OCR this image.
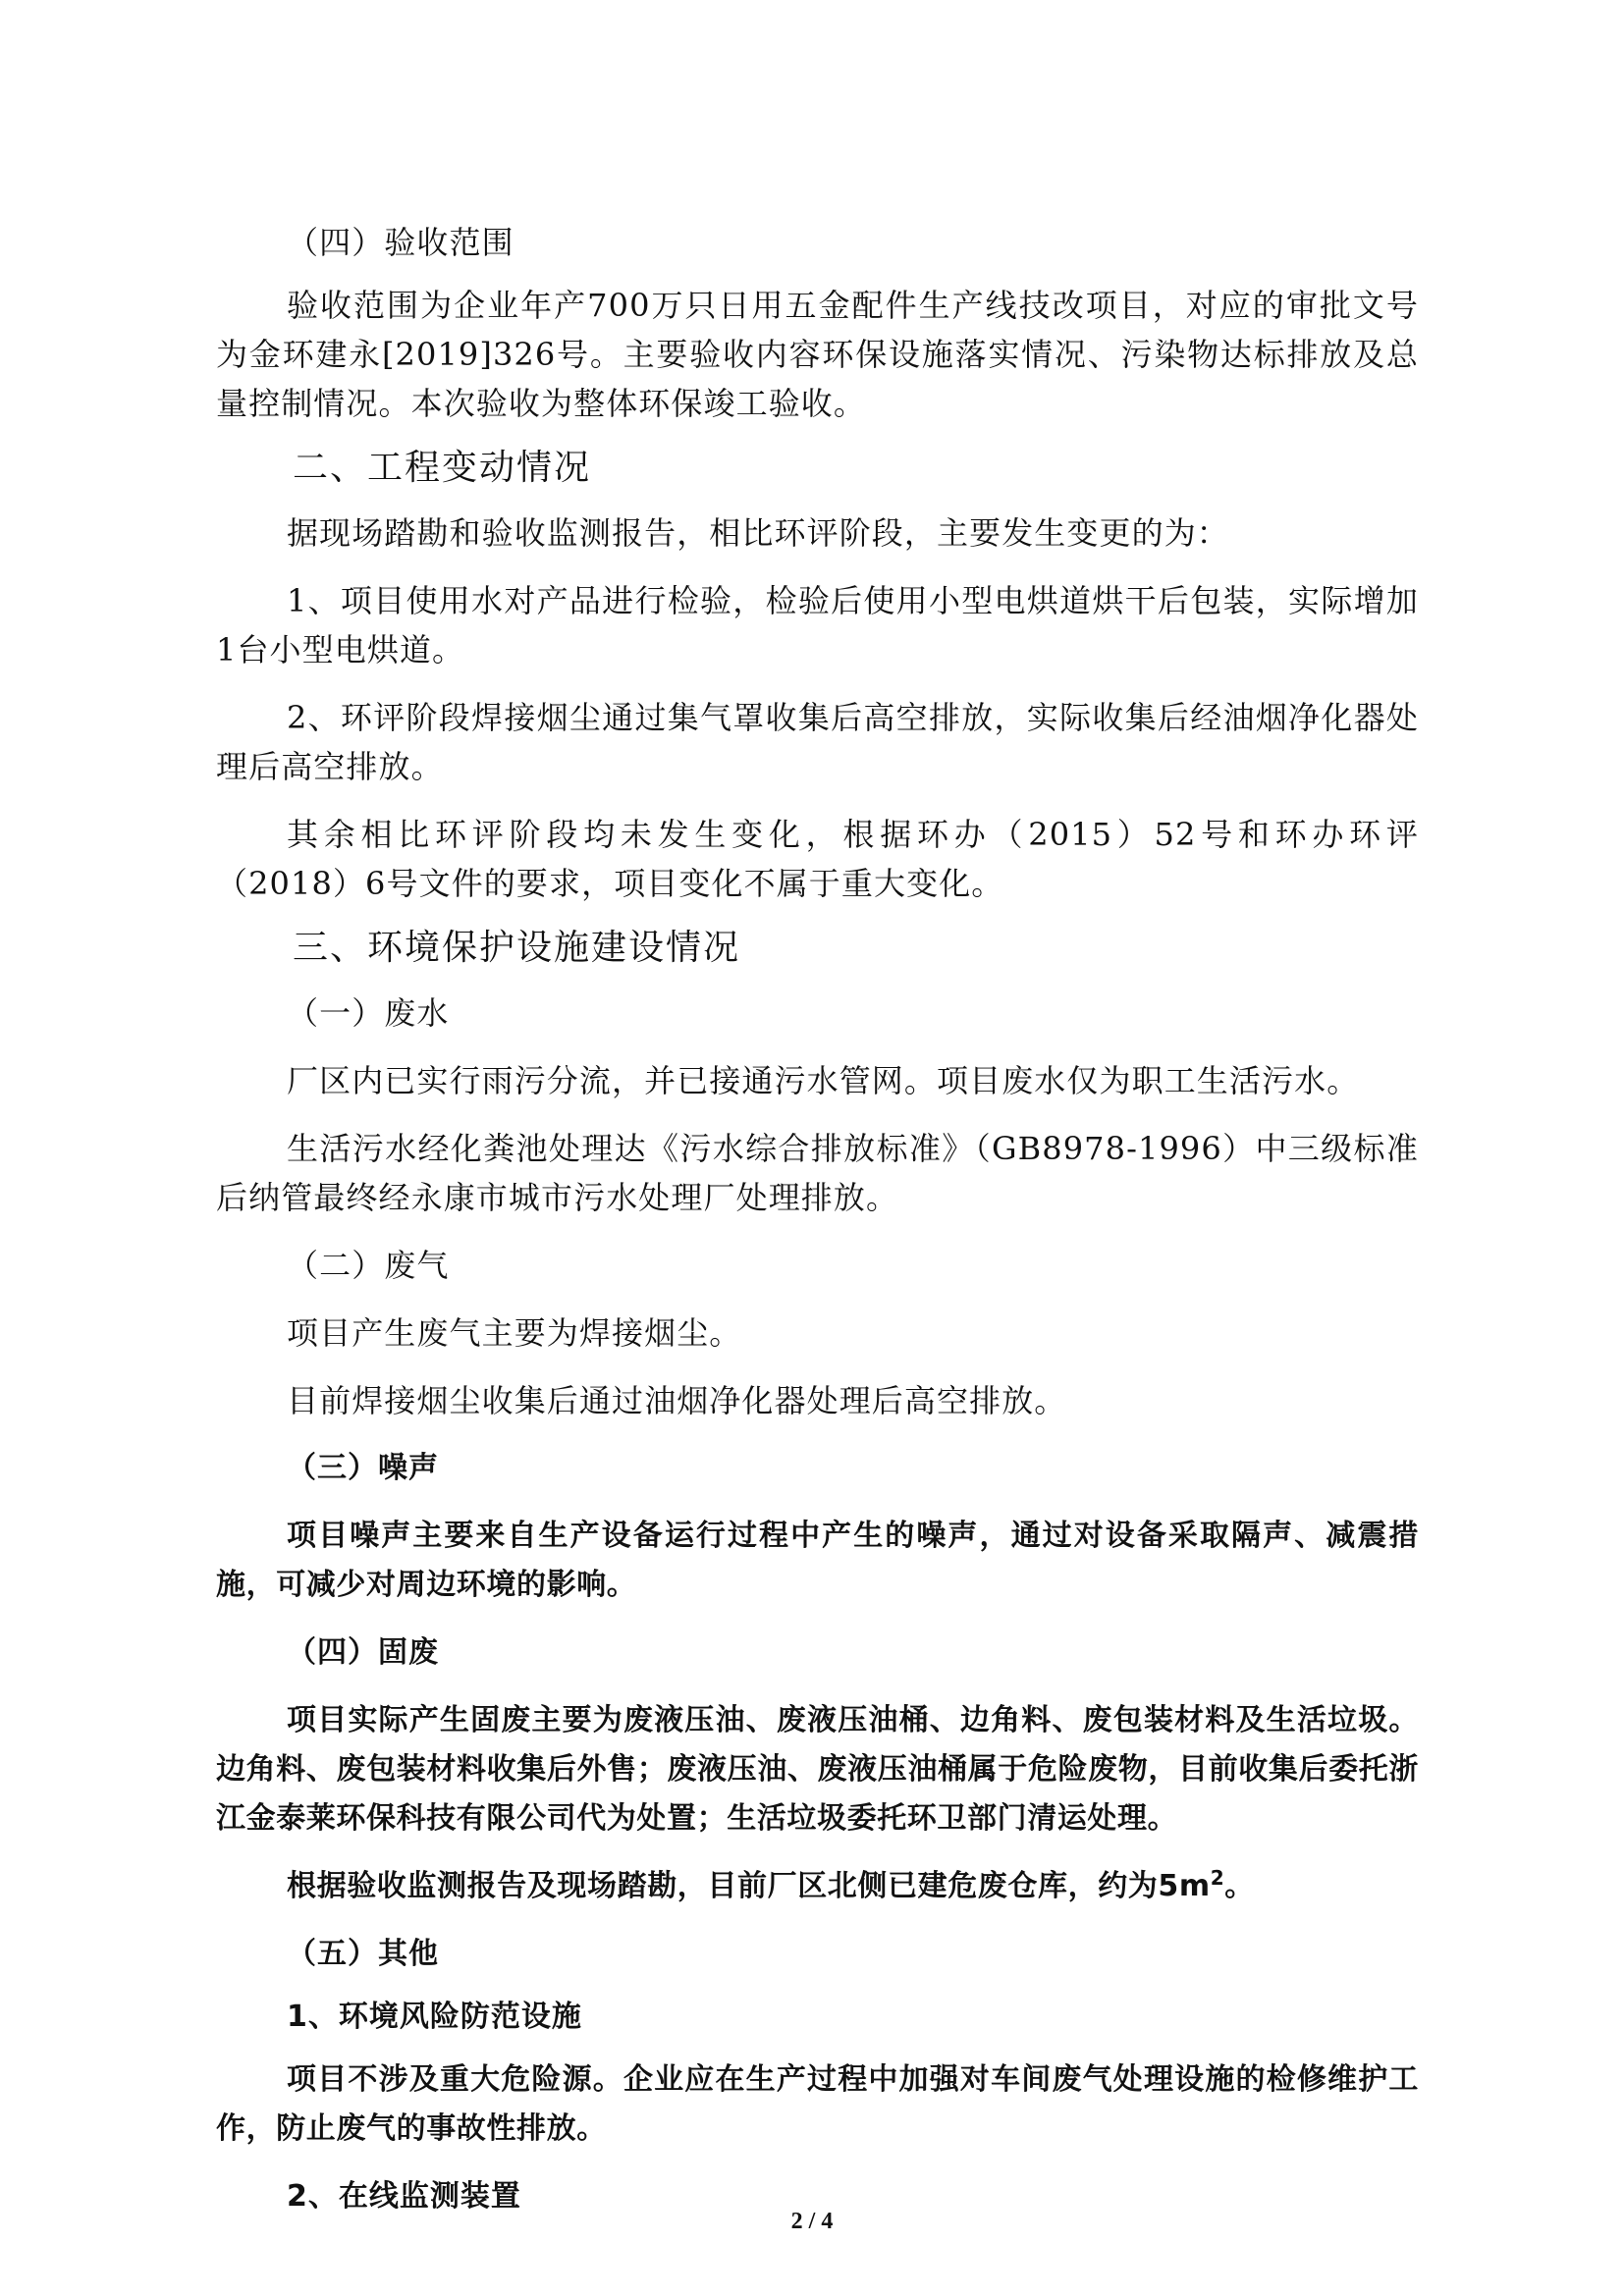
（四）验收范围

验收范围为企业年产700万只日用五金配件生产线技改项目，对应的审批文号为金环建永[2019]326号。主要验收内容环保设施落实情况、污染物达标排放及总量控制情况。本次验收为整体环保竣工验收。

二、工程变动情况

据现场踏勘和验收监测报告，相比环评阶段，主要发生变更的为：

1、项目使用水对产品进行检验，检验后使用小型电烘道烘干后包装，实际增加1台小型电烘道。

2、环评阶段焊接烟尘通过集气罩收集后高空排放，实际收集后经油烟净化器处理后高空排放。

其余相比环评阶段均未发生变化，根据环办（2015）52号和环办环评（2018）6号文件的要求，项目变化不属于重大变化。

三、环境保护设施建设情况

（一）废水

厂区内已实行雨污分流，并已接通污水管网。项目废水仅为职工生活污水。

生活污水经化粪池处理达《污水综合排放标准》（GB8978-1996）中三级标准后纳管最终经永康市城市污水处理厂处理排放。

（二）废气

项目产生废气主要为焊接烟尘。

目前焊接烟尘收集后通过油烟净化器处理后高空排放。

（三）噪声

项目噪声主要来自生产设备运行过程中产生的噪声，通过对设备采取隔声、减震措施，可减少对周边环境的影响。

（四）固废

项目实际产生固废主要为废液压油、废液压油桶、边角料、废包装材料及生活垃圾。边角料、废包装材料收集后外售；废液压油、废液压油桶属于危险废物，目前收集后委托浙江金泰莱环保科技有限公司代为处置；生活垃圾委托环卫部门清运处理。

根据验收监测报告及现场踏勘，目前厂区北侧已建危废仓库，约为$5m^2$。

（五）其他

1、环境风险防范设施

项目不涉及重大危险源。企业应在生产过程中加强对车间废气处理设施的检修维护工作，防止废气的事故性排放。

2、在线监测装置

2 / 4
